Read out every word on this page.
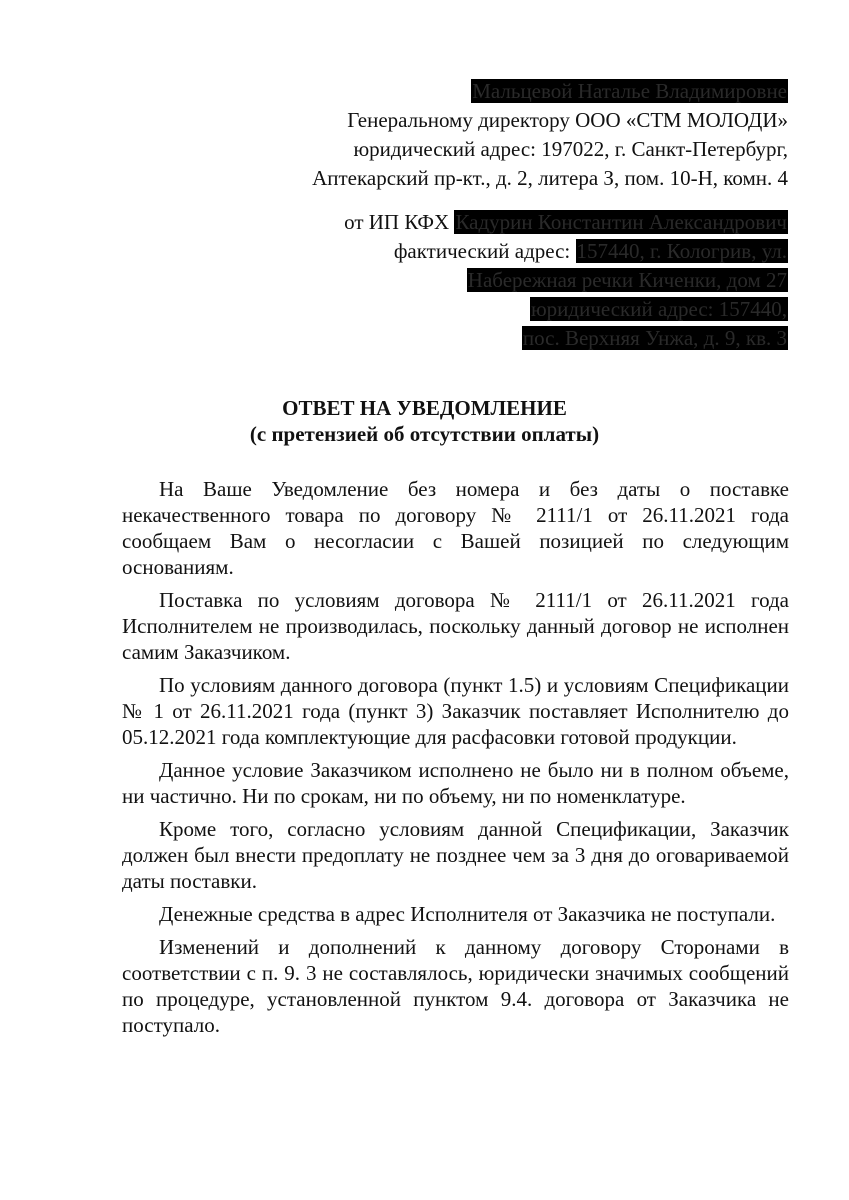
Мальцевой Наталье Владимировне
Генеральному директору ООО «СТМ МОЛОДИ»
юридический адрес: 197022, г. Санкт-Петербург,
Аптекарский пр-кт., д. 2, литера З, пом. 10-Н, комн. 4
от ИП КФХ Кадурин Константин Александрович
фактический адрес: 157440, г. Кологрив, ул.
Набережная речки Киченки, дом 27
юридический адрес: 157440,
пос. Верхняя Унжа, д. 9, кв. 3
ОТВЕТ НА УВЕДОМЛЕНИЕ
(с претензией об отсутствии оплаты)

На Ваше Уведомление без номера и без даты о поставке некачественного товара по договору № 2111/1 от 26.11.2021 года сообщаем Вам о несогласии с Вашей позицией по следующим основаниям.

Поставка по условиям договора № 2111/1 от 26.11.2021 года Исполнителем не производилась, поскольку данный договор не исполнен самим Заказчиком.

По условиям данного договора (пункт 1.5) и условиям Спецификации № 1 от 26.11.2021 года (пункт 3) Заказчик поставляет Исполнителю до 05.12.2021 года комплектующие для расфасовки готовой продукции.

Данное условие Заказчиком исполнено не было ни в полном объеме, ни частично. Ни по срокам, ни по объему, ни по номенклатуре.

Кроме того, согласно условиям данной Спецификации, Заказчик должен был внести предоплату не позднее чем за 3 дня до оговариваемой даты поставки.

Денежные средства в адрес Исполнителя от Заказчика не поступали.

Изменений и дополнений к данному договору Сторонами в соответствии с п. 9. 3 не составлялось, юридически значимых сообщений по процедуре, установленной пунктом 9.4. договора от Заказчика не поступало.
